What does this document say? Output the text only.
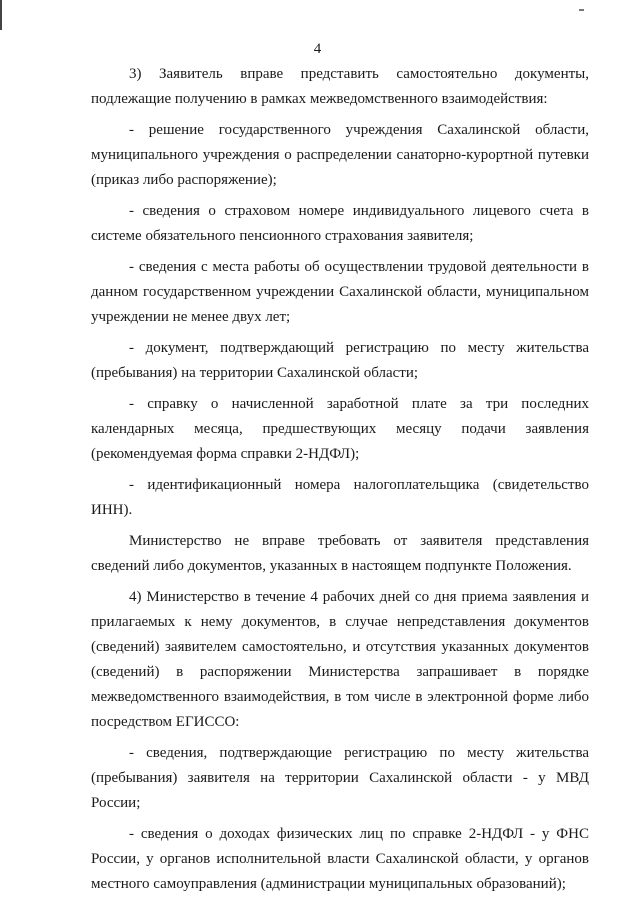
4

3) Заявитель вправе представить самостоятельно документы, подлежащие получению в рамках межведомственного взаимодействия:

- решение государственного учреждения Сахалинской области, муниципального учреждения о распределении санаторно-курортной путевки (приказ либо распоряжение);

- сведения о страховом номере индивидуального лицевого счета в системе обязательного пенсионного страхования заявителя;

- сведения с места работы об осуществлении трудовой деятельности в данном государственном учреждении Сахалинской области, муниципальном учреждении не менее двух лет;

- документ, подтверждающий регистрацию по месту жительства (пребывания) на территории Сахалинской области;

- справку о начисленной заработной плате за три последних календарных месяца, предшествующих месяцу подачи заявления (рекомендуемая форма справки 2-НДФЛ);

- идентификационный номера налогоплательщика (свидетельство ИНН).

Министерство не вправе требовать от заявителя представления сведений либо документов, указанных в настоящем подпункте Положения.

4) Министерство в течение 4 рабочих дней со дня приема заявления и прилагаемых к нему документов, в случае непредставления документов (сведений) заявителем самостоятельно, и отсутствия указанных документов (сведений) в распоряжении Министерства запрашивает в порядке межведомственного взаимодействия, в том числе в электронной форме либо посредством ЕГИССО:

- сведения, подтверждающие регистрацию по месту жительства (пребывания) заявителя на территории Сахалинской области - у МВД России;

- сведения о доходах физических лиц по справке 2-НДФЛ - у ФНС России, у органов исполнительной власти Сахалинской области, у органов местного самоуправления (администрации муниципальных образований);
